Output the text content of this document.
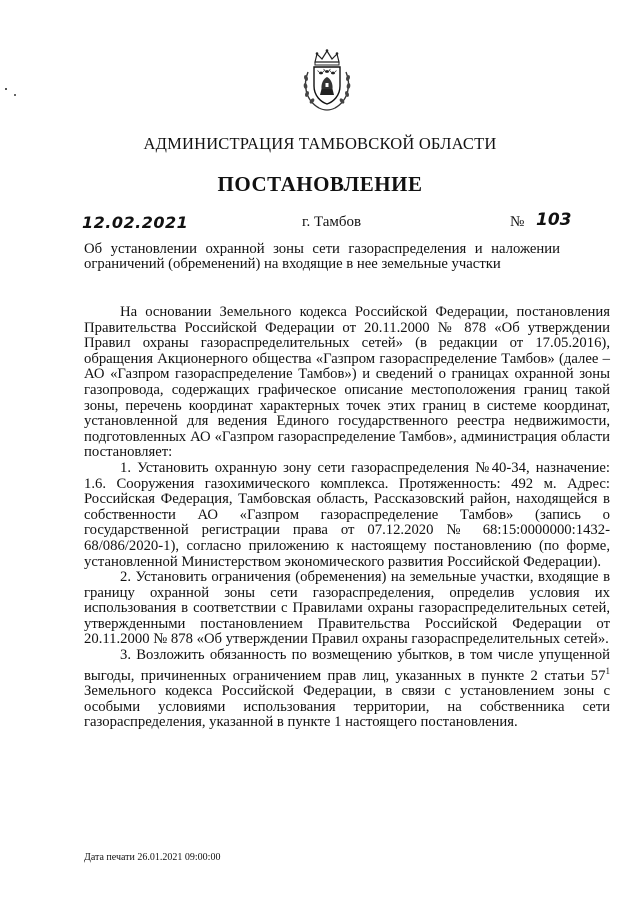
АДМИНИСТРАЦИЯ ТАМБОВСКОЙ ОБЛАСТИ
ПОСТАНОВЛЕНИЕ
12.02.2021	г. Тамбов	№ 103
Об установлении охранной зоны сети газораспределения и наложении ограничений (обременений) на входящие в нее земельные участки

На основании Земельного кодекса Российской Федерации, постановления Правительства Российской Федерации от 20.11.2000 № 878 «Об утверждении Правил охраны газораспределительных сетей» (в редакции от 17.05.2016), обращения Акционерного общества «Газпром газораспределение Тамбов» (далее – АО «Газпром газораспределение Тамбов») и сведений о границах охранной зоны газопровода, содержащих графическое описание местоположения границ такой зоны, перечень координат характерных точек этих границ в системе координат, установленной для ведения Единого государственного реестра недвижимости, подготовленных АО «Газпром газораспределение Тамбов», администрация области постановляет:

1. Установить охранную зону сети газораспределения №40-34, назначение: 1.6. Сооружения газохимического комплекса. Протяженность: 492 м. Адрес: Российская Федерация, Тамбовская область, Рассказовский район, находящейся в собственности АО «Газпром газораспределение Тамбов» (запись о государственной регистрации права от 07.12.2020 № 68:15:0000000:1432-68/086/2020-1), согласно приложению к настоящему постановлению (по форме, установленной Министерством экономического развития Российской Федерации).

2. Установить ограничения (обременения) на земельные участки, входящие в границу охранной зоны сети газораспределения, определив условия их использования в соответствии с Правилами охраны газораспределительных сетей, утвержденными постановлением Правительства Российской Федерации от 20.11.2000 № 878 «Об утверждении Правил охраны газораспределительных сетей».

3. Возложить обязанность по возмещению убытков, в том числе упущенной выгоды, причиненных ограничением прав лиц, указанных в пункте 2 статьи $57^1$ Земельного кодекса Российской Федерации, в связи с установлением зоны с особыми условиями использования территории, на собственника сети газораспределения, указанной в пункте 1 настоящего постановления.

Дата печати 26.01.2021 09:00:00
